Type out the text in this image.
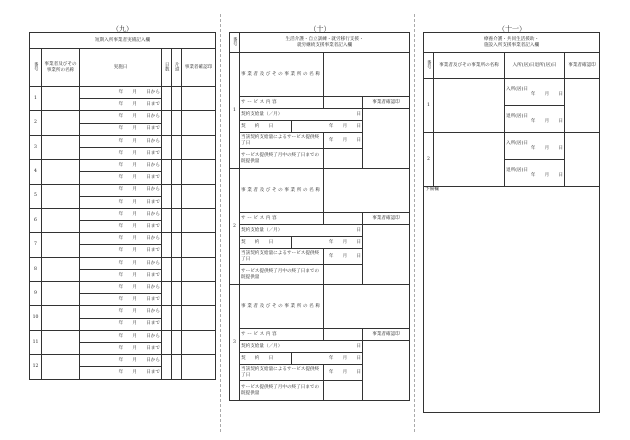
（九）
短期入所事業者実績記入欄					
番号	事業者及びその事業所の名称	実施日	日数	片道	事業者確認印
1		年　　月　　日から			
		年　　月　　日まで			
2		年　　月　　日から			
		年　　月　　日まで			
3		年　　月　　日から			
		年　　月　　日まで			
4		年　　月　　日から			
		年　　月　　日まで			
5		年　　月　　日から			
		年　　月　　日まで			
6		年　　月　　日から			
		年　　月　　日まで			
7		年　　月　　日から			
		年　　月　　日まで			
8		年　　月　　日から			
		年　　月　　日まで			
9		年　　月　　日から			
		年　　月　　日まで			
10		年　　月　　日から			
		年　　月　　日まで			
11		年　　月　　日から			
		年　　月　　日まで			
12		年　　月　　日から			
		年　　月　　日まで			
（十）
番号	生活介護・自立訓練・就労移行支援・
就労継続支援事業者記入欄			

1	事業者及びその事業所の名称			
	サービス内容			事業者確認印
	契約支給量（／月） 日			

	契　　約　　日	年　　月　　日		
	当該契約支給量によるサービス提供終了日		年　　月　　日	
	サービス提供終了月中の終了日までの既提供量			
2	事業者及びその事業所の名称			
	サービス内容			事業者確認印
	契約支給量（／月） 日			

	契　　約　　日	年　　月　　日		
	当該契約支給量によるサービス提供終了日		年　　月　　日	
	サービス提供終了月中の終了日までの既提供量			
3	事業者及びその事業所の名称			
	サービス内容			事業者確認印
	契約支給量（／月） 日			

	契　　約　　日	年　　月　　日		
	当該契約支給量によるサービス提供終了日		年　　月　　日	
	サービス提供終了月中の終了日までの既提供量			
（十一）
療養介護・共同生活援助・
施設入所支援事業者記入欄			

番号	事業者及びその事業所の名称	入所(居)日退所(居)日	事業者確認印
1		入所(居)日
年　　月　　日	

		退所(居)日
年　　月　　日	

2		入所(居)日
年　　月　　日	

		退所(居)日
年　　月　　日	

予備欄			
